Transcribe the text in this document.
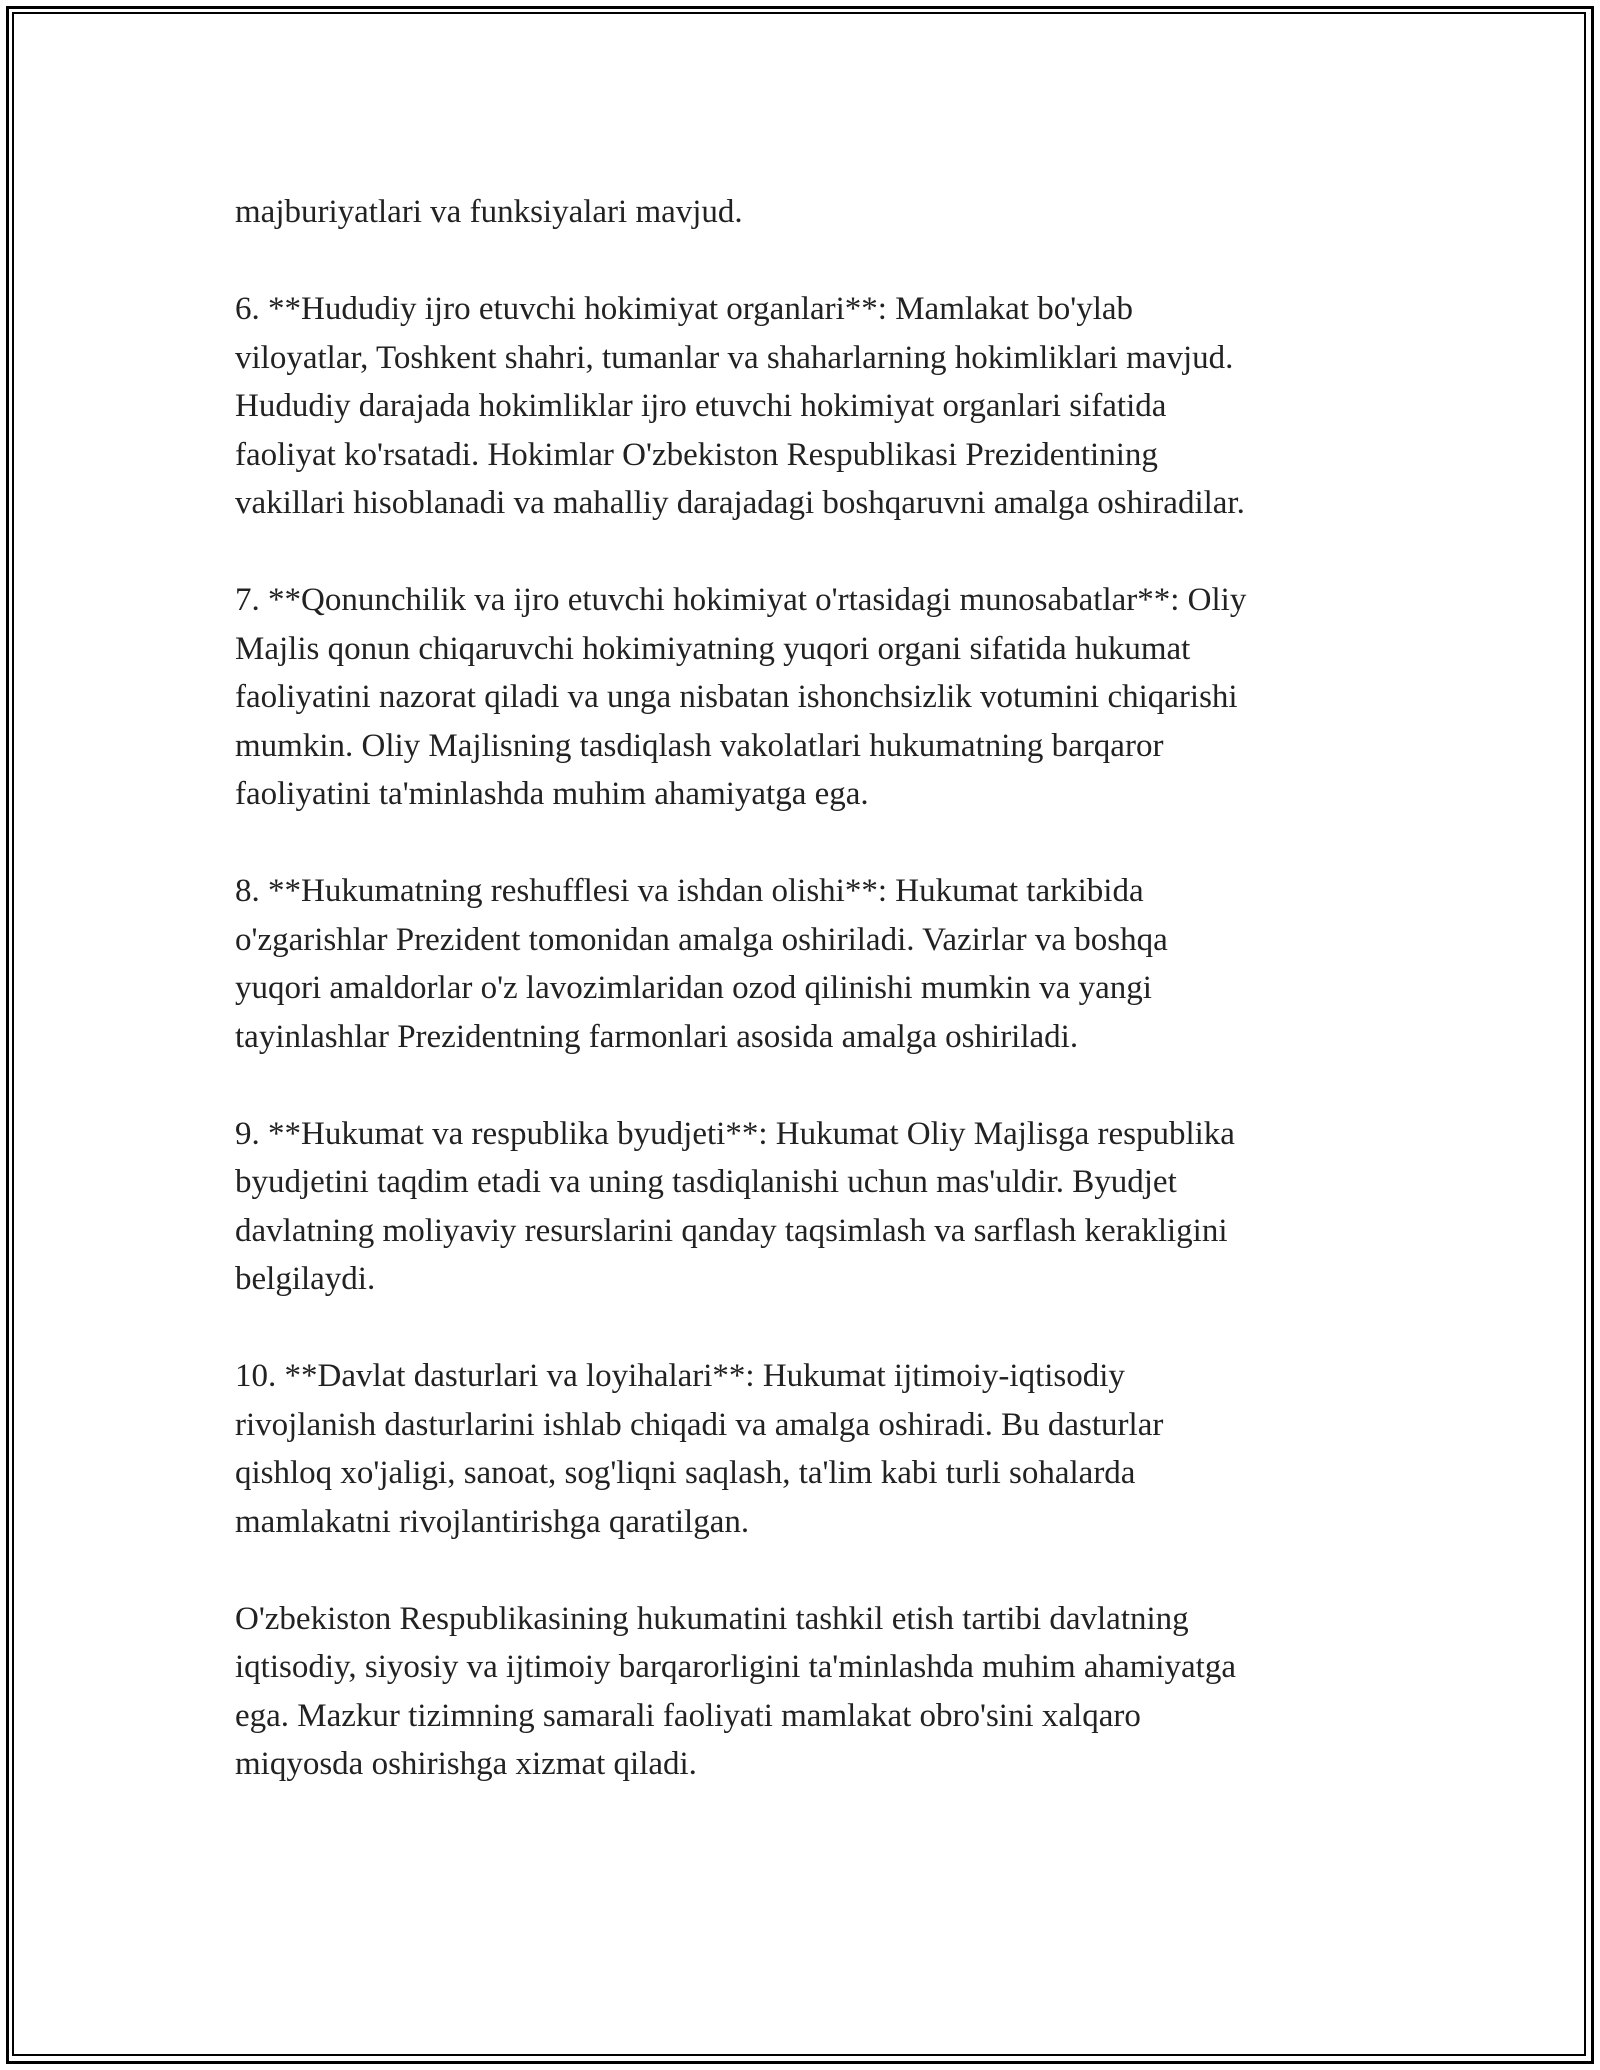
majburiyatlari va funksiyalari mavjud.

6. **Hududiy ijro etuvchi hokimiyat organlari**: Mamlakat bo'ylab
viloyatlar, Toshkent shahri, tumanlar va shaharlarning hokimliklari mavjud.
Hududiy darajada hokimliklar ijro etuvchi hokimiyat organlari sifatida
faoliyat ko'rsatadi. Hokimlar O'zbekiston Respublikasi Prezidentining
vakillari hisoblanadi va mahalliy darajadagi boshqaruvni amalga oshiradilar.

7. **Qonunchilik va ijro etuvchi hokimiyat o'rtasidagi munosabatlar**: Oliy
Majlis qonun chiqaruvchi hokimiyatning yuqori organi sifatida hukumat
faoliyatini nazorat qiladi va unga nisbatan ishonchsizlik votumini chiqarishi
mumkin. Oliy Majlisning tasdiqlash vakolatlari hukumatning barqaror
faoliyatini ta'minlashda muhim ahamiyatga ega.

8. **Hukumatning reshufflesi va ishdan olishi**: Hukumat tarkibida
o'zgarishlar Prezident tomonidan amalga oshiriladi. Vazirlar va boshqa
yuqori amaldorlar o'z lavozimlaridan ozod qilinishi mumkin va yangi
tayinlashlar Prezidentning farmonlari asosida amalga oshiriladi.

9. **Hukumat va respublika byudjeti**: Hukumat Oliy Majlisga respublika
byudjetini taqdim etadi va uning tasdiqlanishi uchun mas'uldir. Byudjet
davlatning moliyaviy resurslarini qanday taqsimlash va sarflash kerakligini
belgilaydi.

10. **Davlat dasturlari va loyihalari**: Hukumat ijtimoiy-iqtisodiy
rivojlanish dasturlarini ishlab chiqadi va amalga oshiradi. Bu dasturlar
qishloq xo'jaligi, sanoat, sog'liqni saqlash, ta'lim kabi turli sohalarda
mamlakatni rivojlantirishga qaratilgan.

O'zbekiston Respublikasining hukumatini tashkil etish tartibi davlatning
iqtisodiy, siyosiy va ijtimoiy barqarorligini ta'minlashda muhim ahamiyatga
ega. Mazkur tizimning samarali faoliyati mamlakat obro'sini xalqaro
miqyosda oshirishga xizmat qiladi.
